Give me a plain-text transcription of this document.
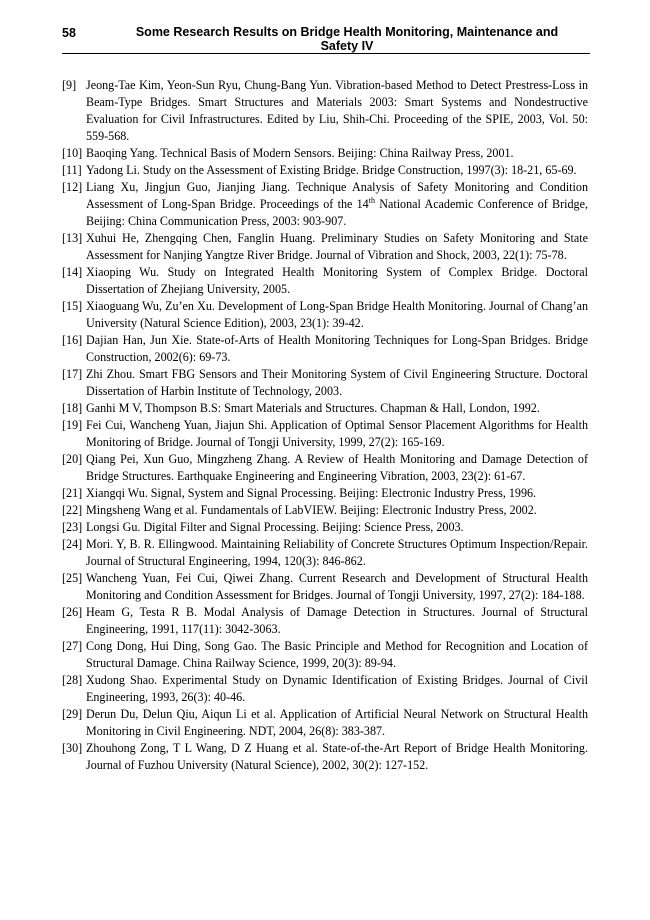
58	Some Research Results on Bridge Health Monitoring, Maintenance and Safety IV
[9] Jeong-Tae Kim, Yeon-Sun Ryu, Chung-Bang Yun. Vibration-based Method to Detect Prestress-Loss in Beam-Type Bridges. Smart Structures and Materials 2003: Smart Systems and Nondestructive Evaluation for Civil Infrastructures. Edited by Liu, Shih-Chi. Proceeding of the SPIE, 2003, Vol. 50: 559-568.
[10] Baoqing Yang. Technical Basis of Modern Sensors. Beijing: China Railway Press, 2001.
[11] Yadong Li. Study on the Assessment of Existing Bridge. Bridge Construction, 1997(3): 18-21, 65-69.
[12] Liang Xu, Jingjun Guo, Jianjing Jiang. Technique Analysis of Safety Monitoring and Condition Assessment of Long-Span Bridge. Proceedings of the 14th National Academic Conference of Bridge, Beijing: China Communication Press, 2003: 903-907.
[13] Xuhui He, Zhengqing Chen, Fanglin Huang. Preliminary Studies on Safety Monitoring and State Assessment for Nanjing Yangtze River Bridge. Journal of Vibration and Shock, 2003, 22(1): 75-78.
[14] Xiaoping Wu. Study on Integrated Health Monitoring System of Complex Bridge. Doctoral Dissertation of Zhejiang University, 2005.
[15] Xiaoguang Wu, Zu’en Xu. Development of Long-Span Bridge Health Monitoring. Journal of Chang’an University (Natural Science Edition), 2003, 23(1): 39-42.
[16] Dajian Han, Jun Xie. State-of-Arts of Health Monitoring Techniques for Long-Span Bridges. Bridge Construction, 2002(6): 69-73.
[17] Zhi Zhou. Smart FBG Sensors and Their Monitoring System of Civil Engineering Structure. Doctoral Dissertation of Harbin Institute of Technology, 2003.
[18] Ganhi M V, Thompson B.S: Smart Materials and Structures. Chapman & Hall, London, 1992.
[19] Fei Cui, Wancheng Yuan, Jiajun Shi. Application of Optimal Sensor Placement Algorithms for Health Monitoring of Bridge. Journal of Tongji University, 1999, 27(2): 165-169.
[20] Qiang Pei, Xun Guo, Mingzheng Zhang. A Review of Health Monitoring and Damage Detection of Bridge Structures. Earthquake Engineering and Engineering Vibration, 2003, 23(2): 61-67.
[21] Xiangqi Wu. Signal, System and Signal Processing. Beijing: Electronic Industry Press, 1996.
[22] Mingsheng Wang et al. Fundamentals of LabVIEW. Beijing: Electronic Industry Press, 2002.
[23] Longsi Gu. Digital Filter and Signal Processing. Beijing: Science Press, 2003.
[24] Mori. Y, B. R. Ellingwood. Maintaining Reliability of Concrete Structures Optimum Inspection/Repair. Journal of Structural Engineering, 1994, 120(3): 846-862.
[25] Wancheng Yuan, Fei Cui, Qiwei Zhang. Current Research and Development of Structural Health Monitoring and Condition Assessment for Bridges. Journal of Tongji University, 1997, 27(2): 184-188.
[26] Heam G, Testa R B. Modal Analysis of Damage Detection in Structures. Journal of Structural Engineering, 1991, 117(11): 3042-3063.
[27] Cong Dong, Hui Ding, Song Gao. The Basic Principle and Method for Recognition and Location of Structural Damage. China Railway Science, 1999, 20(3): 89-94.
[28] Xudong Shao. Experimental Study on Dynamic Identification of Existing Bridges. Journal of Civil Engineering, 1993, 26(3): 40-46.
[29] Derun Du, Delun Qiu, Aiqun Li et al. Application of Artificial Neural Network on Structural Health Monitoring in Civil Engineering. NDT, 2004, 26(8): 383-387.
[30] Zhouhong Zong, T L Wang, D Z Huang et al. State-of-the-Art Report of Bridge Health Monitoring. Journal of Fuzhou University (Natural Science), 2002, 30(2): 127-152.
